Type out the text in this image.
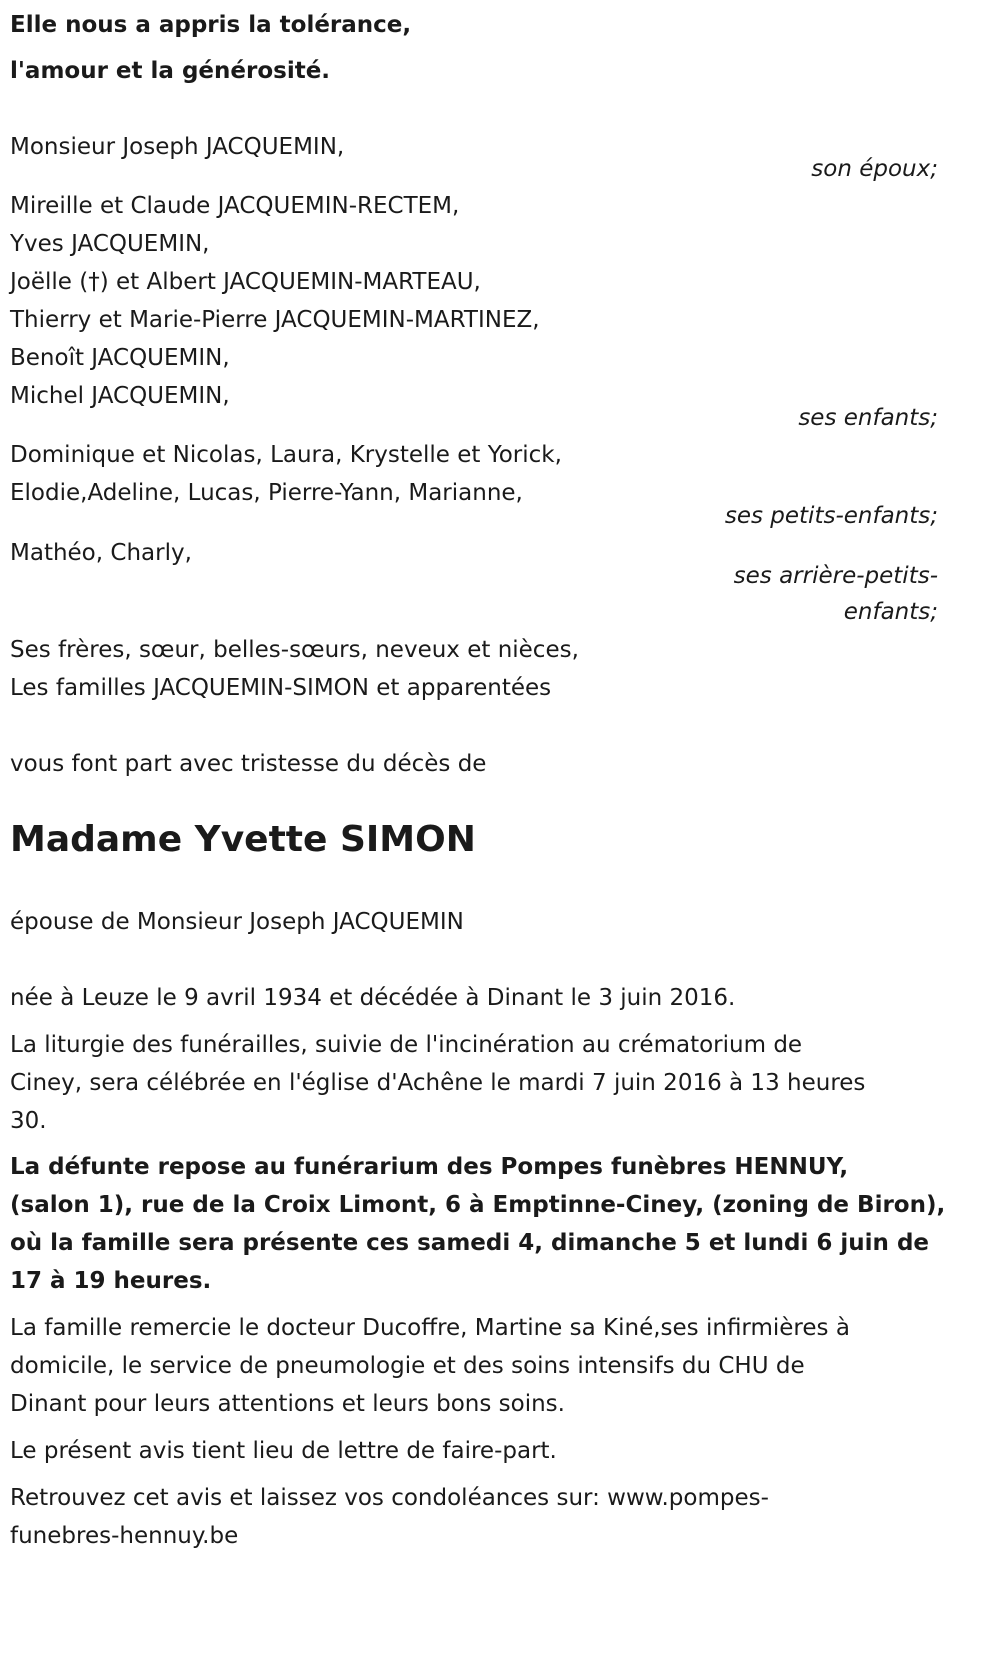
Elle nous a appris la tolérance,

l'amour et la générosité.

Monsieur Joseph JACQUEMIN,

son époux;

Mireille et Claude JACQUEMIN-RECTEM,

Yves JACQUEMIN,

Joëlle (†) et Albert JACQUEMIN-MARTEAU,

Thierry et Marie-Pierre JACQUEMIN-MARTINEZ,

Benoît JACQUEMIN,

Michel JACQUEMIN,

ses enfants;

Dominique et Nicolas, Laura, Krystelle et Yorick,

Elodie,Adeline, Lucas, Pierre-Yann, Marianne,

ses petits-enfants;

Mathéo, Charly,

ses arrière-petits-

enfants;

Ses frères, sœur, belles-sœurs, neveux et nièces,

Les familles JACQUEMIN-SIMON et apparentées

vous font part avec tristesse du décès de

Madame Yvette SIMON

épouse de Monsieur Joseph JACQUEMIN

née à Leuze le 9 avril 1934 et décédée à Dinant le 3 juin 2016.

La liturgie des funérailles, suivie de l'incinération au crématorium de

Ciney, sera célébrée en l'église d'Achêne le mardi 7 juin 2016 à 13 heures

30.

La défunte repose au funérarium des Pompes funèbres HENNUY,

(salon 1), rue de la Croix Limont, 6 à Emptinne-Ciney, (zoning de Biron),

où la famille sera présente ces samedi 4, dimanche 5 et lundi 6 juin de

17 à 19 heures.

La famille remercie le docteur Ducoffre, Martine sa Kiné,ses infirmières à

domicile, le service de pneumologie et des soins intensifs du CHU de

Dinant pour leurs attentions et leurs bons soins.

Le présent avis tient lieu de lettre de faire-part.

Retrouvez cet avis et laissez vos condoléances sur: www.pompes-

funebres-hennuy.be
